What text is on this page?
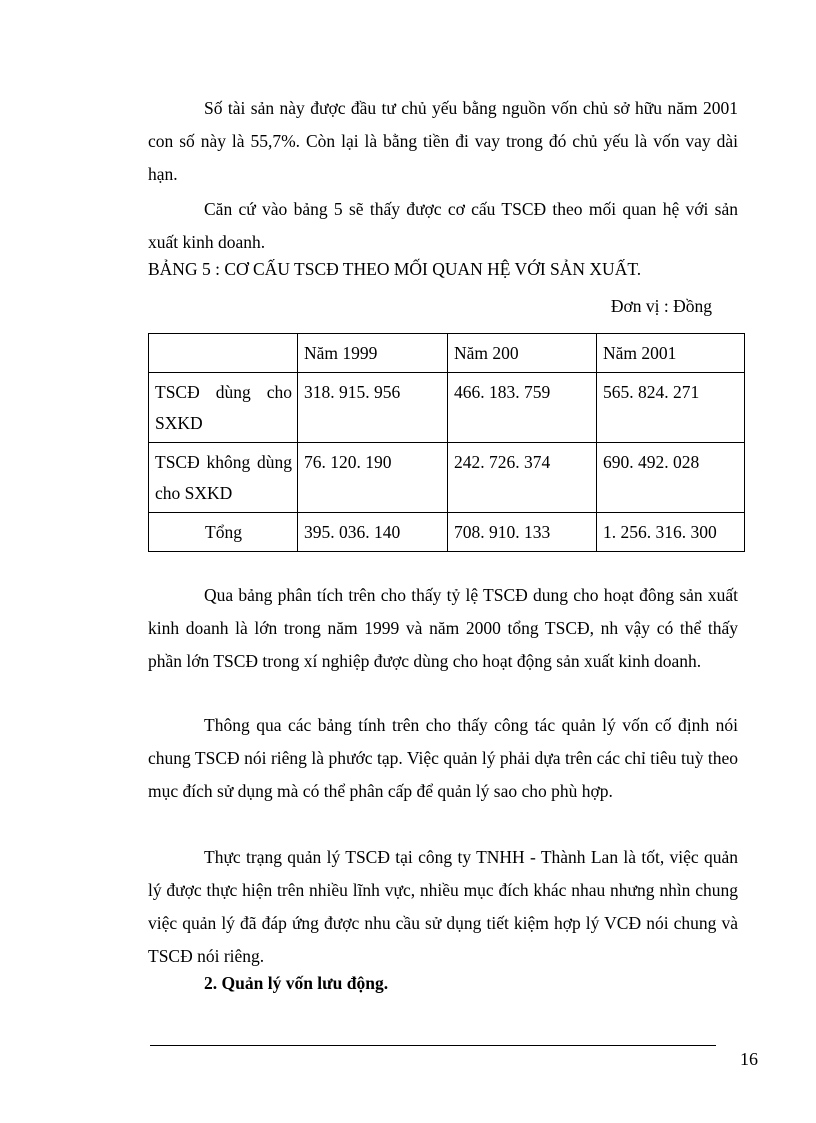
Số tài sản này được đầu tư chủ yếu bằng nguồn vốn chủ sở hữu năm 2001 con số này là 55,7%. Còn lại là bằng tiền đi vay trong đó chủ yếu là vốn vay dài hạn.

Căn cứ vào bảng 5 sẽ thấy được cơ cấu TSCĐ theo mối quan hệ với sản xuất kinh doanh.

BẢNG 5 : CƠ CẤU TSCĐ THEO MỐI QUAN HỆ VỚI SẢN XUẤT.

Đơn vị : Đồng

	Năm 1999	Năm 200	Năm 2001
TSCĐ dùng cho SXKD	318. 915. 956	466. 183. 759	565. 824. 271
TSCĐ không dùng cho SXKD	76. 120. 190	242. 726. 374	690. 492. 028
Tổng	395. 036. 140	708. 910. 133	1. 256. 316. 300

Qua bảng phân tích trên cho thấy tỷ lệ TSCĐ dung cho hoạt đông sản xuất kinh doanh là lớn trong năm 1999 và năm 2000 tổng TSCĐ, nh vậy có thể thấy phần lớn TSCĐ trong xí nghiệp được dùng cho hoạt động sản xuất kinh doanh.

Thông qua các bảng tính trên cho thấy công tác quản lý vốn cố định nói chung TSCĐ nói riêng là phước tạp. Việc quản lý phải dựa trên các chỉ tiêu tuỳ theo mục đích sử dụng mà có thể phân cấp để quản lý sao cho phù hợp.

Thực trạng quản lý TSCĐ tại công ty TNHH - Thành Lan là tốt, việc quản lý được thực hiện trên nhiều lĩnh vực, nhiều mục đích khác nhau nhưng nhìn chung việc quản lý đã đáp ứng được nhu cầu sử dụng tiết kiệm hợp lý VCĐ nói chung và TSCĐ nói riêng.

2. Quản lý vốn lưu động.

16
